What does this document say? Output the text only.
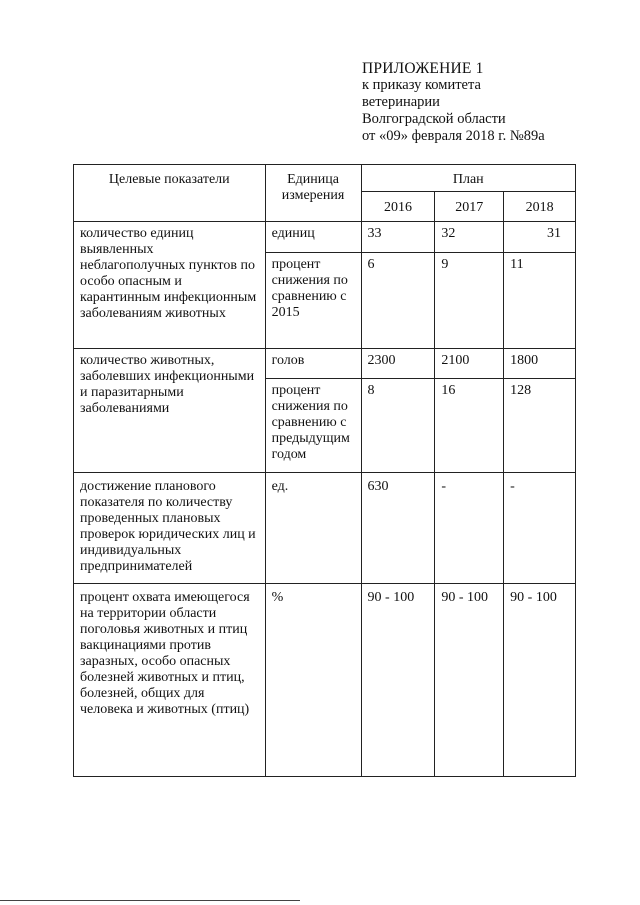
ПРИЛОЖЕНИЕ 1
к приказу комитета
ветеринарии
Волгоградской области
от «09» февраля 2018 г. №89а
Целевые показатели	Единица измерения	План		

		2016	2017	2018

количество единиц выявленных неблагополучных пунктов по особо опасным и карантинным инфекционным заболеваниям животных	единиц	33	32	31

	процент снижения по сравнению с 2015	6	9	11

количество животных, заболевших инфекционными и паразитарными заболеваниями	голов	2300	2100	1800

	процент снижения по сравнению с предыдущим годом	8	16	128

достижение планового показателя по количеству проведенных плановых проверок юридических лиц и индивидуальных предпринимателей	ед.	630	-	-

процент охвата имеющегося на территории области поголовья животных и птиц вакцинациями против заразных, особо опасных болезней животных и птиц, болезней, общих для человека и животных (птиц)	%	90 - 100	90 - 100	90 - 100
